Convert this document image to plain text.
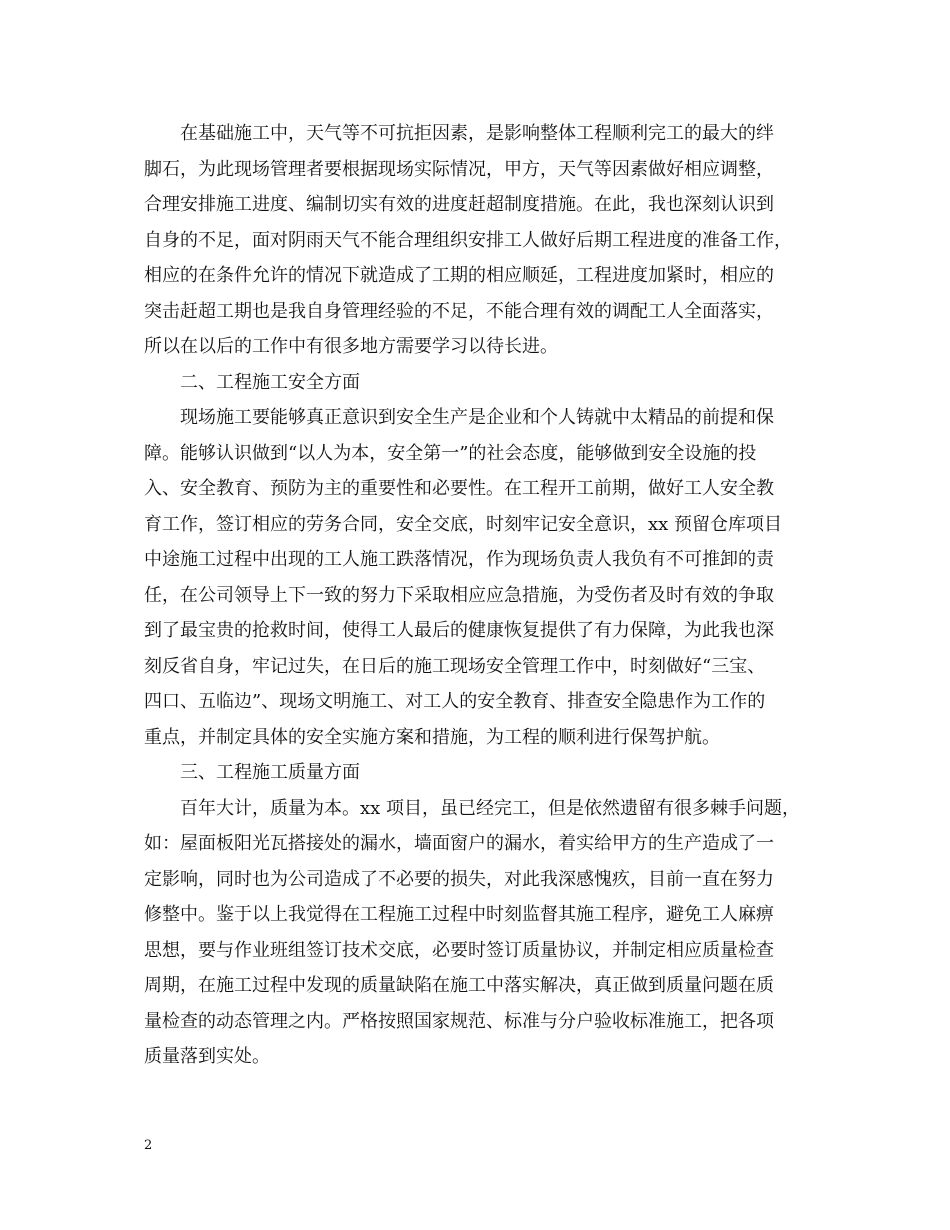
在基础施工中，天气等不可抗拒因素，是影响整体工程顺利完工的最大的绊
脚石，为此现场管理者要根据现场实际情况，甲方，天气等因素做好相应调整，
合理安排施工进度、编制切实有效的进度赶超制度措施。在此，我也深刻认识到
自身的不足，面对阴雨天气不能合理组织安排工人做好后期工程进度的准备工作，
相应的在条件允许的情况下就造成了工期的相应顺延，工程进度加紧时，相应的
突击赶超工期也是我自身管理经验的不足，不能合理有效的调配工人全面落实，
所以在以后的工作中有很多地方需要学习以待长进。
二、工程施工安全方面
现场施工要能够真正意识到安全生产是企业和个人铸就中太精品的前提和保
障。能够认识做到“以人为本，安全第一”的社会态度，能够做到安全设施的投
入、安全教育、预防为主的重要性和必要性。在工程开工前期，做好工人安全教
育工作，签订相应的劳务合同，安全交底，时刻牢记安全意识，xx 预留仓库项目
中途施工过程中出现的工人施工跌落情况，作为现场负责人我负有不可推卸的责
任，在公司领导上下一致的努力下采取相应应急措施，为受伤者及时有效的争取
到了最宝贵的抢救时间，使得工人最后的健康恢复提供了有力保障，为此我也深
刻反省自身，牢记过失，在日后的施工现场安全管理工作中，时刻做好“三宝、
四口、五临边”、现场文明施工、对工人的安全教育、排查安全隐患作为工作的
重点，并制定具体的安全实施方案和措施，为工程的顺利进行保驾护航。
三、工程施工质量方面
百年大计，质量为本。xx 项目，虽已经完工，但是依然遗留有很多棘手问题，
如：屋面板阳光瓦搭接处的漏水，墙面窗户的漏水，着实给甲方的生产造成了一
定影响，同时也为公司造成了不必要的损失，对此我深感愧疚，目前一直在努力
修整中。鉴于以上我觉得在工程施工过程中时刻监督其施工程序，避免工人麻痹
思想，要与作业班组签订技术交底，必要时签订质量协议，并制定相应质量检查
周期，在施工过程中发现的质量缺陷在施工中落实解决，真正做到质量问题在质
量检查的动态管理之内。严格按照国家规范、标准与分户验收标准施工，把各项
质量落到实处。
2
